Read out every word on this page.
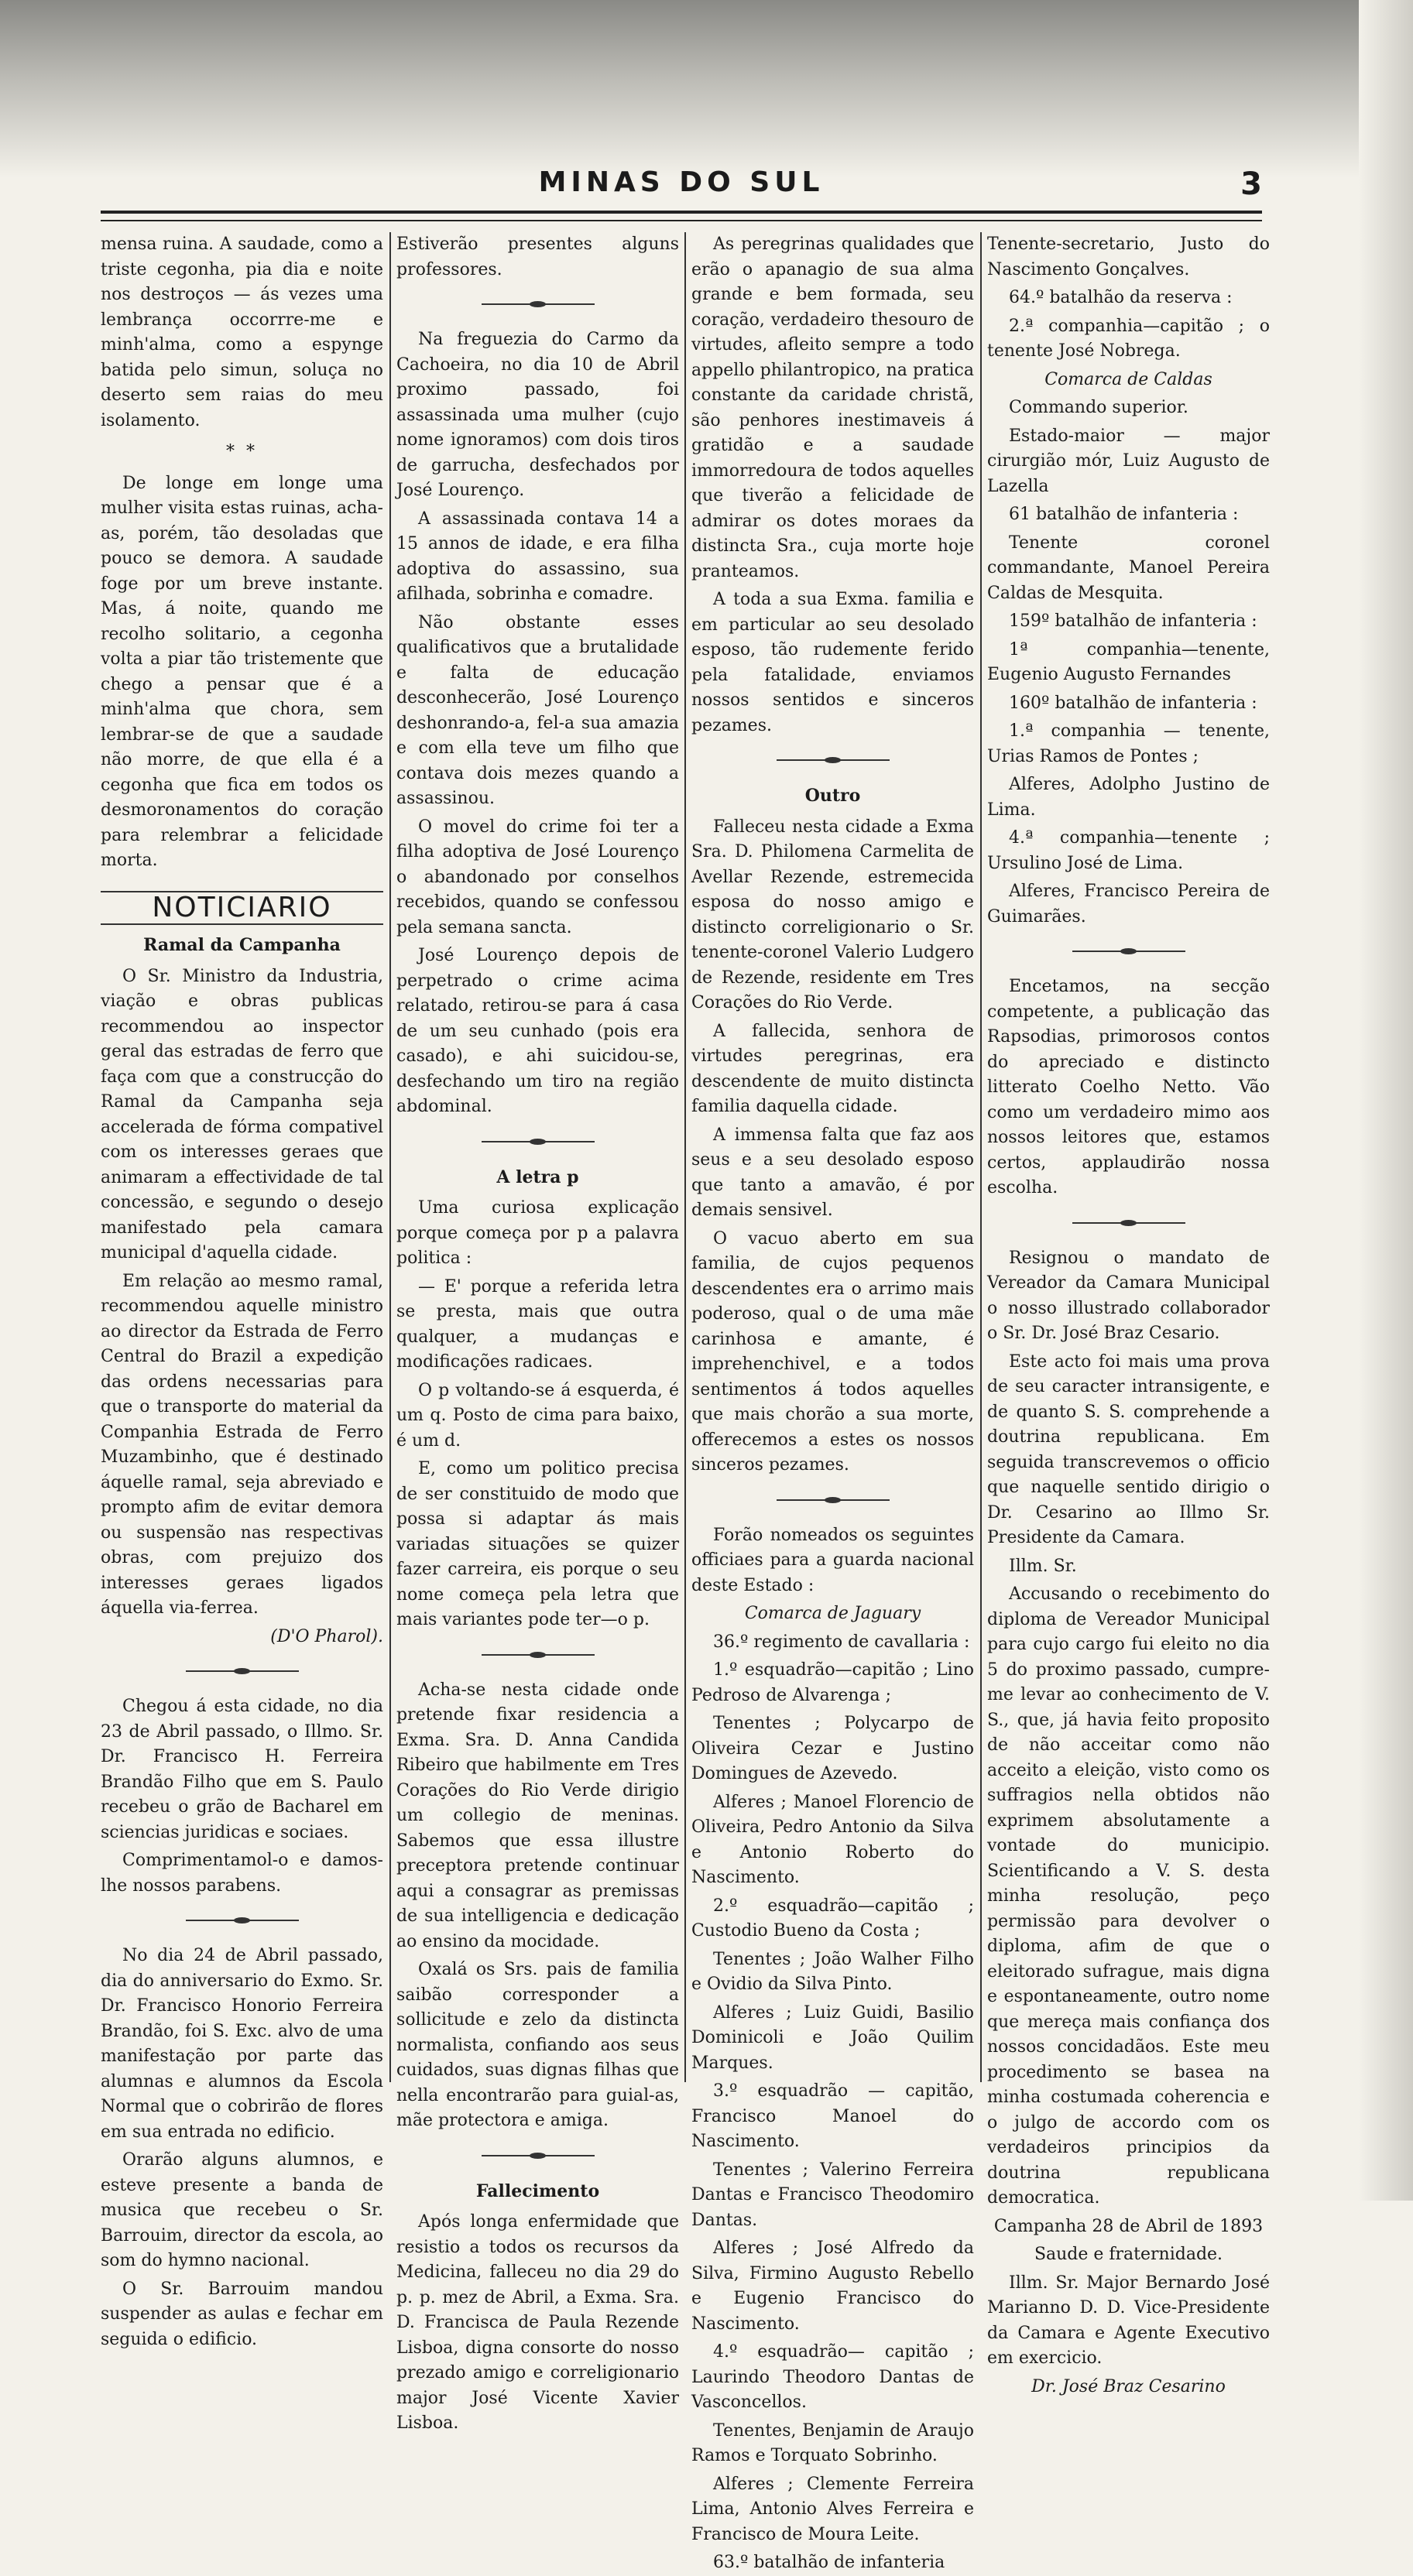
MINAS DO SUL	3

mensa ruina. A saudade, como a triste cegonha, pia dia e noite nos destroços — ás vezes uma lembrança occorrre-me e minh'alma, como a espynge batida pelo simun, soluça no deserto sem raias do meu isolamento.

* *

De longe em longe uma mulher visita estas ruinas, acha-as, porém, tão desoladas que pouco se demora. A saudade foge por um breve instante. Mas, á noite, quando me recolho solitario, a cegonha volta a piar tão tristemente que chego a pensar que é a minh'alma que chora, sem lembrar-se de que a saudade não morre, de que ella é a cegonha que fica em todos os desmoronamentos do coração para relembrar a felicidade morta.

NOTICIARIO
Ramal da Campanha

O Sr. Ministro da Industria, viação e obras publicas recommendou ao inspector geral das estradas de ferro que faça com que a construcção do Ramal da Campanha seja accelerada de fórma compativel com os interesses geraes que animaram a effectividade de tal concessão, e segundo o desejo manifestado pela camara municipal d'aquella cidade.

Em relação ao mesmo ramal, recommendou aquelle ministro ao director da Estrada de Ferro Central do Brazil a expedição das ordens necessarias para que o transporte do material da Companhia Estrada de Ferro Muzambinho, que é destinado áquelle ramal, seja abreviado e prompto afim de evitar demora ou suspensão nas respectivas obras, com prejuizo dos interesses geraes ligados áquella via-ferrea.

(D'O Pharol).

Chegou á esta cidade, no dia 23 de Abril passado, o Illmo. Sr. Dr. Francisco H. Ferreira Brandão Filho que em S. Paulo recebeu o grão de Bacharel em sciencias juridicas e sociaes.

Comprimentamol-o e damos-lhe nossos parabens.

No dia 24 de Abril passado, dia do anniversario do Exmo. Sr. Dr. Francisco Honorio Ferreira Brandão, foi S. Exc. alvo de uma manifestação por parte das alumnas e alumnos da Escola Normal que o cobrirão de flores em sua entrada no edificio.

Orarão alguns alumnos, e esteve presente a banda de musica que recebeu o Sr. Barrouim, director da escola, ao som do hymno nacional.

O Sr. Barrouim mandou suspender as aulas e fechar em seguida o edificio.

Estiverão presentes alguns professores.

Na freguezia do Carmo da Cachoeira, no dia 10 de Abril proximo passado, foi assassinada uma mulher (cujo nome ignoramos) com dois tiros de garrucha, desfechados por José Lourenço.

A assassinada contava 14 a 15 annos de idade, e era filha adoptiva do assassino, sua afilhada, sobrinha e comadre.

Não obstante esses qualificativos que a brutalidade e falta de educação desconhecerão, José Lourenço deshonrando-a, fel-a sua amazia e com ella teve um filho que contava dois mezes quando a assassinou.

O movel do crime foi ter a filha adoptiva de José Lourenço o abandonado por conselhos recebidos, quando se confessou pela semana sancta.

José Lourenço depois de perpetrado o crime acima relatado, retirou-se para á casa de um seu cunhado (pois era casado), e ahi suicidou-se, desfechando um tiro na região abdominal.

A letra p

Uma curiosa explicação porque começa por p a palavra politica :

— E' porque a referida letra se presta, mais que outra qualquer, a mudanças e modificações radicaes.

O p voltando-se á esquerda, é um q. Posto de cima para baixo, é um d.

E, como um politico precisa de ser constituido de modo que possa si adaptar ás mais variadas situações se quizer fazer carreira, eis porque o seu nome começa pela letra que mais variantes pode ter—o p.

Acha-se nesta cidade onde pretende fixar residencia a Exma. Sra. D. Anna Candida Ribeiro que habilmente em Tres Corações do Rio Verde dirigio um collegio de meninas. Sabemos que essa illustre preceptora pretende continuar aqui a consagrar as premissas de sua intelligencia e dedicação ao ensino da mocidade.

Oxalá os Srs. pais de familia saibão corresponder a sollicitude e zelo da distincta normalista, confiando aos seus cuidados, suas dignas filhas que nella encontrarão para guial-as, mãe protectora e amiga.

Fallecimento

Após longa enfermidade que resistio a todos os recursos da Medicina, falleceu no dia 29 do p. p. mez de Abril, a Exma. Sra. D. Francisca de Paula Rezende Lisboa, digna consorte do nosso prezado amigo e correligionario major José Vicente Xavier Lisboa.

As peregrinas qualidades que erão o apanagio de sua alma grande e bem formada, seu coração, verdadeiro thesouro de virtudes, afleito sempre a todo appello philantropico, na pratica constante da caridade christã, são penhores inestimaveis á gratidão e a saudade immorredoura de todos aquelles que tiverão a felicidade de admirar os dotes moraes da distincta Sra., cuja morte hoje pranteamos.

A toda a sua Exma. familia e em particular ao seu desolado esposo, tão rudemente ferido pela fatalidade, enviamos nossos sentidos e sinceros pezames.

Outro

Falleceu nesta cidade a Exma Sra. D. Philomena Carmelita de Avellar Rezende, estremecida esposa do nosso amigo e distincto correligionario o Sr. tenente-coronel Valerio Ludgero de Rezende, residente em Tres Corações do Rio Verde.

A fallecida, senhora de virtudes peregrinas, era descendente de muito distincta familia daquella cidade.

A immensa falta que faz aos seus e a seu desolado esposo que tanto a amavão, é por demais sensivel.

O vacuo aberto em sua familia, de cujos pequenos descendentes era o arrimo mais poderoso, qual o de uma mãe carinhosa e amante, é imprehenchivel, e a todos sentimentos á todos aquelles que mais chorão a sua morte, offerecemos a estes os nossos sinceros pezames.

Forão nomeados os seguintes officiaes para a guarda nacional deste Estado :

Comarca de Jaguary

36.º regimento de cavallaria :

1.º esquadrão—capitão ; Lino Pedroso de Alvarenga ;

Tenentes ; Polycarpo de Oliveira Cezar e Justino Domingues de Azevedo.

Alferes ; Manoel Florencio de Oliveira, Pedro Antonio da Silva e Antonio Roberto do Nascimento.

2.º esquadrão—capitão ; Custodio Bueno da Costa ;

Tenentes ; João Walher Filho e Ovidio da Silva Pinto.

Alferes ; Luiz Guidi, Basilio Dominicoli e João Quilim Marques.

3.º esquadrão — capitão, Francisco Manoel do Nascimento.

Tenentes ; Valerino Ferreira Dantas e Francisco Theodomiro Dantas.

Alferes ; José Alfredo da Silva, Firmino Augusto Rebello e Eugenio Francisco do Nascimento.

4.º esquadrão— capitão ; Laurindo Theodoro Dantas de Vasconcellos.

Tenentes, Benjamin de Araujo Ramos e Torquato Sobrinho.

Alferes ; Clemente Ferreira Lima, Antonio Alves Ferreira e Francisco de Moura Leite.

63.º batalhão de infanteria

Tenente-secretario, Justo do Nascimento Gonçalves.

64.º batalhão da reserva :

2.ª companhia—capitão ; o tenente José Nobrega.

Comarca de Caldas

Commando superior.

Estado-maior — major cirurgião mór, Luiz Augusto de Lazella

61 batalhão de infanteria :

Tenente coronel commandante, Manoel Pereira Caldas de Mesquita.

159º batalhão de infanteria :

1ª companhia—tenente, Eugenio Augusto Fernandes

160º batalhão de infanteria :

1.ª companhia — tenente, Urias Ramos de Pontes ;

Alferes, Adolpho Justino de Lima.

4.ª companhia—tenente ; Ursulino José de Lima.

Alferes, Francisco Pereira de Guimarães.

Encetamos, na secção competente, a publicação das Rapsodias, primorosos contos do apreciado e distincto litterato Coelho Netto. Vão como um verdadeiro mimo aos nossos leitores que, estamos certos, applaudirão nossa escolha.

Resignou o mandato de Vereador da Camara Municipal o nosso illustrado collaborador o Sr. Dr. José Braz Cesario.

Este acto foi mais uma prova de seu caracter intransigente, e de quanto S. S. comprehende a doutrina republicana. Em seguida transcrevemos o officio que naquelle sentido dirigio o Dr. Cesarino ao Illmo Sr. Presidente da Camara.

Illm. Sr.

Accusando o recebimento do diploma de Vereador Municipal para cujo cargo fui eleito no dia 5 do proximo passado, cumpre-me levar ao conhecimento de V. S., que, já havia feito proposito de não acceitar como não acceito a eleição, visto como os suffragios nella obtidos não exprimem absolutamente a vontade do municipio. Scientificando a V. S. desta minha resolução, peço permissão para devolver o diploma, afim de que o eleitorado sufrague, mais digna e espontaneamente, outro nome que mereça mais confiança dos nossos concidadãos. Este meu procedimento se basea na minha costumada coherencia e o julgo de accordo com os verdadeiros principios da doutrina republicana democratica.

Campanha 28 de Abril de 1893
Saude e fraternidade.

Illm. Sr. Major Bernardo José Marianno D. D. Vice-Presidente da Camara e Agente Executivo em exercicio.

Dr. José Braz Cesarino
